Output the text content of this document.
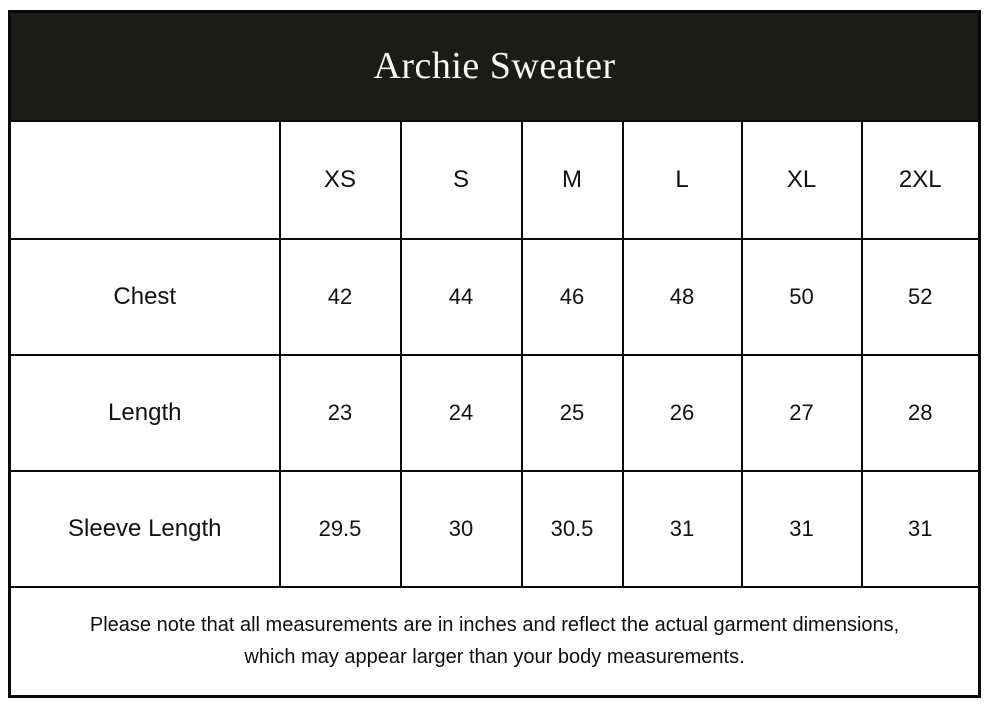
Archie Sweater						
	XS	S	M	L	XL	2XL
Chest	42	44	46	48	50	52
Length	23	24	25	26	27	28
Sleeve Length	29.5	30	30.5	31	31	31

Please note that all measurements are in inches and reflect the actual garment dimensions,
which may appear larger than your body measurements.						
